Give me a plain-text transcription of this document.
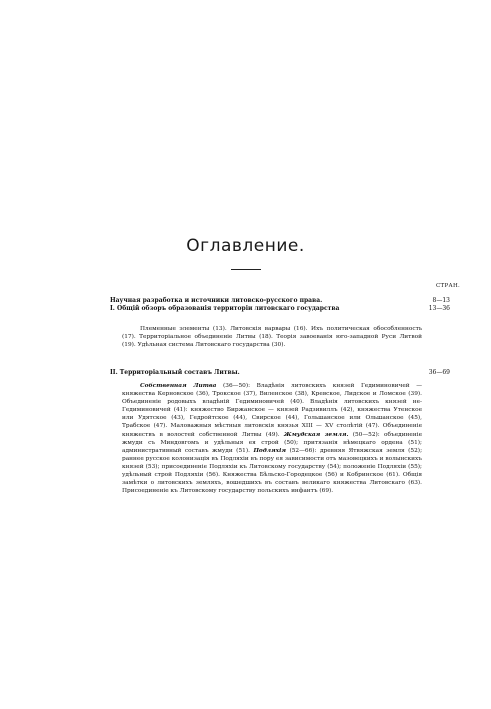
Оглавление.
СТРАН.
Научная разработка и источники литовско-русского права.	8—13
I. Общій обзоръ образованія территоріи литовскаго государства	13—36
Племенные элементы (13). Литовскія варвары (16). Ихъ политическая обособленность (17). Территоріальное объединеніе Литвы (18). Теорія завоеванія юго-западной Руси Литвой (19). Удѣльная система Литовскаго государства (30).
II. Территоріальный составъ Литвы.	36—69
Собственная Литва (36—50): Владѣнія литовскихъ князей Гедиминовичей — княжества Керновское (36), Трокское (37), Виленское (38), Кревское, Лидское и Ломское (39). Объединеніе родовыхъ владѣній Гедиминовичей (40). Владѣнія литовскихъ князей не-Гедиминовичей (41): княжество Биржанское — князей Радзивиллъ (42), княжества Утенское или Удятское (43), Гедройтское (44), Свирское (44), Гольшанское или Ольшанское (45), Трабское (47). Маловажныя мѣстныя литовскія князья XIII — XV столѣтій (47). Объединеніе княжествъ в волостей собственной Литвы (49). Жмудская земля. (50—52): объединеніе жмуди съ Миндовгомъ и удѣльныя ея строй (50); притязанія нѣмецкаго ордена (51); административный составъ жмуди (51). Подляхія (52—66): древняя Ятвяжская земля (52); раннее русское колонизація въ Подляхіи въ пору ея зависимости отъ мазовецкихъ и волынскихъ князей (53); присоединеніе Подляхіи къ Литовскому государству (54); положеніе Подляхіи (55); удѣльный строй Подляхіи (56). Княжества Бѣльско-Городецкое (56) и Кобринское (61). Общія замѣтки о литовскихъ земляхъ, вошедшихъ въ составъ великаго княжества Литовскаго (63). Присоединеніе къ Литовскому государству польскихъ инфантъ (69).
